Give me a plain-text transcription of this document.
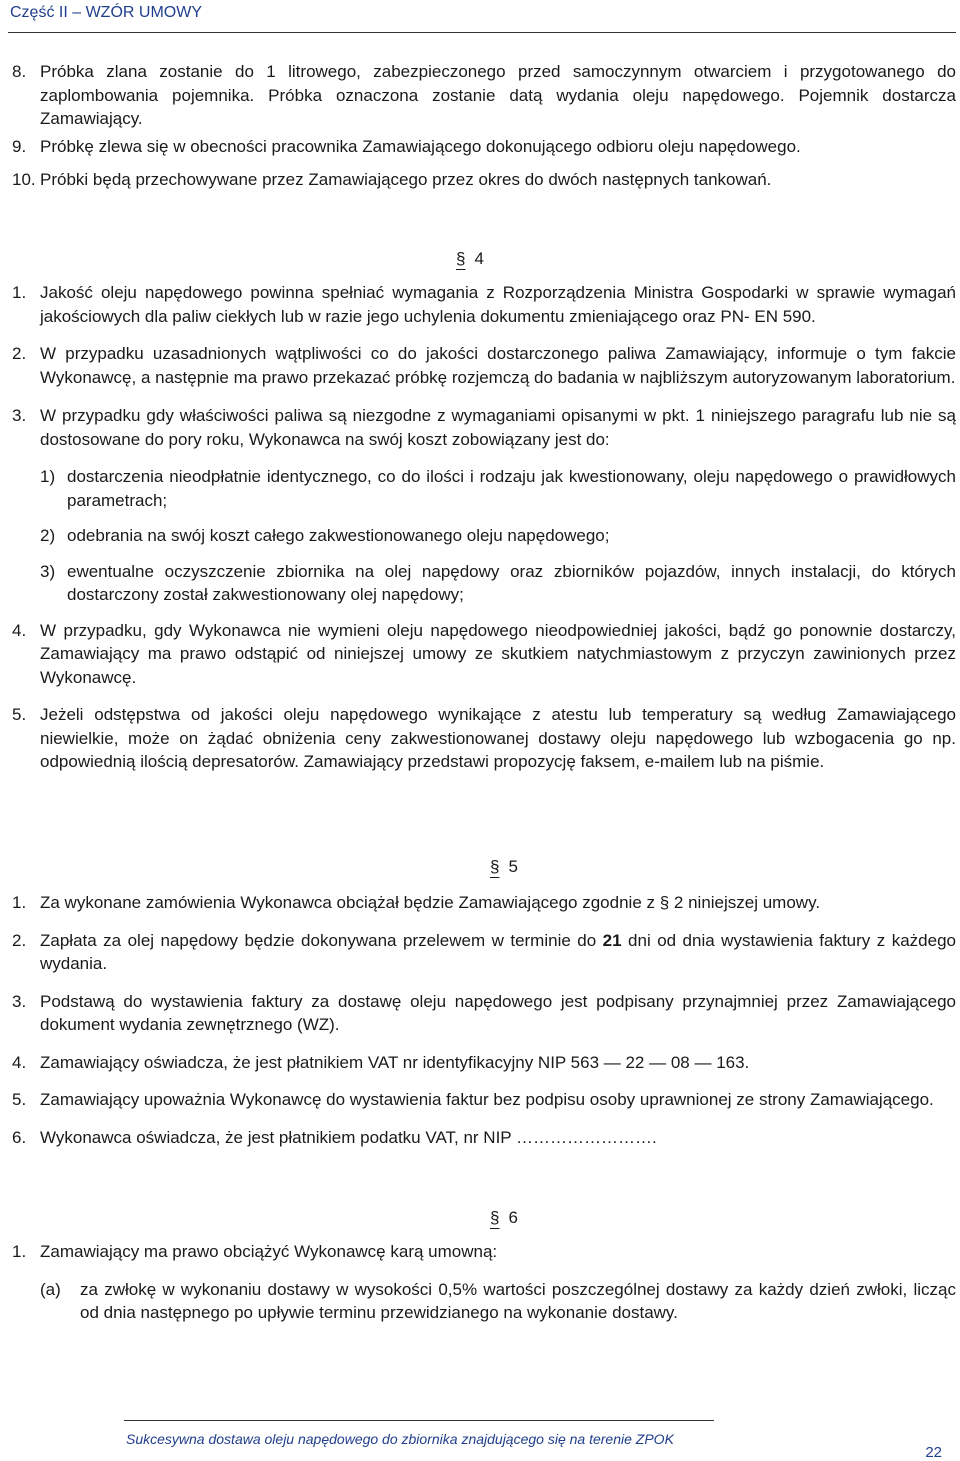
Część II – WZÓR UMOWY
8. Próbka zlana zostanie do 1 litrowego, zabezpieczonego przed samoczynnym otwarciem i przygotowanego do zaplombowania pojemnika. Próbka oznaczona zostanie datą wydania oleju napędowego. Pojemnik dostarcza Zamawiający.
9. Próbkę zlewa się w obecności pracownika Zamawiającego dokonującego odbioru oleju napędowego.
10. Próbki będą przechowywane przez Zamawiającego przez okres do dwóch następnych tankowań.
§ 4
1. Jakość oleju napędowego powinna spełniać wymagania z Rozporządzenia Ministra Gospodarki w sprawie wymagań jakościowych dla paliw ciekłych lub w razie jego uchylenia dokumentu zmieniającego oraz PN- EN 590.
2. W przypadku uzasadnionych wątpliwości co do jakości dostarczonego paliwa Zamawiający, informuje o tym fakcie Wykonawcę, a następnie ma prawo przekazać próbkę rozjemczą do badania w najbliższym autoryzowanym laboratorium.
3. W przypadku gdy właściwości paliwa są niezgodne z wymaganiami opisanymi w pkt. 1 niniejszego paragrafu lub nie są dostosowane do pory roku, Wykonawca na swój koszt zobowiązany jest do:
1) dostarczenia nieodpłatnie identycznego, co do ilości i rodzaju jak kwestionowany, oleju napędowego o prawidłowych parametrach;
2) odebrania na swój koszt całego zakwestionowanego oleju napędowego;
3) ewentualne oczyszczenie zbiornika na olej napędowy oraz zbiorników pojazdów, innych instalacji, do których dostarczony został zakwestionowany olej napędowy;
4. W przypadku, gdy Wykonawca nie wymieni oleju napędowego nieodpowiedniej jakości, bądź go ponownie dostarczy, Zamawiający ma prawo odstąpić od niniejszej umowy ze skutkiem natychmiastowym z przyczyn zawinionych przez Wykonawcę.
5. Jeżeli odstępstwa od jakości oleju napędowego wynikające z atestu lub temperatury są według Zamawiającego niewielkie, może on żądać obniżenia ceny zakwestionowanej dostawy oleju napędowego lub wzbogacenia go np. odpowiednią ilością depresatorów. Zamawiający przedstawi propozycję faksem, e-mailem lub na piśmie.
§ 5
1. Za wykonane zamówienia Wykonawca obciążał będzie Zamawiającego zgodnie z § 2 niniejszej umowy.
2. Zapłata za olej napędowy będzie dokonywana przelewem w terminie do 21 dni od dnia wystawienia faktury z każdego wydania.
3. Podstawą do wystawienia faktury za dostawę oleju napędowego jest podpisany przynajmniej przez Zamawiającego dokument wydania zewnętrznego (WZ).
4. Zamawiający oświadcza, że jest płatnikiem VAT nr identyfikacyjny NIP 563 — 22 — 08 — 163.
5. Zamawiający upoważnia Wykonawcę do wystawienia faktur bez podpisu osoby uprawnionej ze strony Zamawiającego.
6. Wykonawca oświadcza, że jest płatnikiem podatku VAT, nr NIP …………………….
§ 6
1. Zamawiający ma prawo obciążyć Wykonawcę karą umowną:
(a) za zwłokę w wykonaniu dostawy w wysokości 0,5% wartości poszczególnej dostawy za każdy dzień zwłoki, licząc od dnia następnego po upływie terminu przewidzianego na wykonanie dostawy.
Sukcesywna dostawa oleju napędowego do zbiornika znajdującego się na terenie ZPOK
22
